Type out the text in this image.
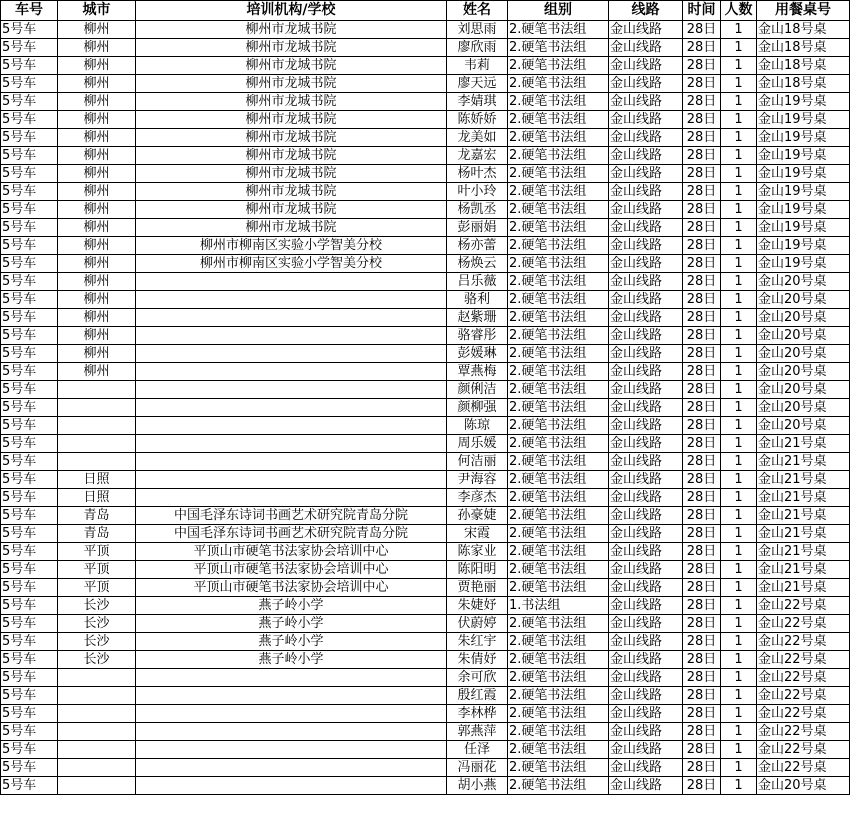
车号	城市	培训机构/学校	姓名	组别	线路	时间	人数	用餐桌号
5号车	柳州	柳州市龙城书院	刘思雨	2.硬笔书法组	金山线路	28日	1	金山18号桌
5号车	柳州	柳州市龙城书院	廖欣雨	2.硬笔书法组	金山线路	28日	1	金山18号桌
5号车	柳州	柳州市龙城书院	韦莉	2.硬笔书法组	金山线路	28日	1	金山18号桌
5号车	柳州	柳州市龙城书院	廖天远	2.硬笔书法组	金山线路	28日	1	金山18号桌
5号车	柳州	柳州市龙城书院	李婧琪	2.硬笔书法组	金山线路	28日	1	金山19号桌
5号车	柳州	柳州市龙城书院	陈娇娇	2.硬笔书法组	金山线路	28日	1	金山19号桌
5号车	柳州	柳州市龙城书院	龙美如	2.硬笔书法组	金山线路	28日	1	金山19号桌
5号车	柳州	柳州市龙城书院	龙嘉宏	2.硬笔书法组	金山线路	28日	1	金山19号桌
5号车	柳州	柳州市龙城书院	杨叶杰	2.硬笔书法组	金山线路	28日	1	金山19号桌
5号车	柳州	柳州市龙城书院	叶小玲	2.硬笔书法组	金山线路	28日	1	金山19号桌
5号车	柳州	柳州市龙城书院	杨凯丞	2.硬笔书法组	金山线路	28日	1	金山19号桌
5号车	柳州	柳州市龙城书院	彭丽娟	2.硬笔书法组	金山线路	28日	1	金山19号桌
5号车	柳州	柳州市柳南区实验小学智美分校	杨亦蕾	2.硬笔书法组	金山线路	28日	1	金山19号桌
5号车	柳州	柳州市柳南区实验小学智美分校	杨焕云	2.硬笔书法组	金山线路	28日	1	金山19号桌
5号车	柳州		吕乐薇	2.硬笔书法组	金山线路	28日	1	金山20号桌
5号车	柳州		骆利	2.硬笔书法组	金山线路	28日	1	金山20号桌
5号车	柳州		赵紫珊	2.硬笔书法组	金山线路	28日	1	金山20号桌
5号车	柳州		骆睿彤	2.硬笔书法组	金山线路	28日	1	金山20号桌
5号车	柳州		彭媛琳	2.硬笔书法组	金山线路	28日	1	金山20号桌
5号车	柳州		覃燕梅	2.硬笔书法组	金山线路	28日	1	金山20号桌
5号车			颜俐洁	2.硬笔书法组	金山线路	28日	1	金山20号桌
5号车			颜柳强	2.硬笔书法组	金山线路	28日	1	金山20号桌
5号车			陈琼	2.硬笔书法组	金山线路	28日	1	金山20号桌
5号车			周乐媛	2.硬笔书法组	金山线路	28日	1	金山21号桌
5号车			何洁丽	2.硬笔书法组	金山线路	28日	1	金山21号桌
5号车	日照		尹海容	2.硬笔书法组	金山线路	28日	1	金山21号桌
5号车	日照		李彦杰	2.硬笔书法组	金山线路	28日	1	金山21号桌
5号车	青岛	中国毛泽东诗词书画艺术研究院青岛分院	孙豪婕	2.硬笔书法组	金山线路	28日	1	金山21号桌
5号车	青岛	中国毛泽东诗词书画艺术研究院青岛分院	宋霞	2.硬笔书法组	金山线路	28日	1	金山21号桌
5号车	平顶	平顶山市硬笔书法家协会培训中心	陈家业	2.硬笔书法组	金山线路	28日	1	金山21号桌
5号车	平顶	平顶山市硬笔书法家协会培训中心	陈阳明	2.硬笔书法组	金山线路	28日	1	金山21号桌
5号车	平顶	平顶山市硬笔书法家协会培训中心	贾艳丽	2.硬笔书法组	金山线路	28日	1	金山21号桌
5号车	长沙	燕子岭小学	朱婕妤	1.书法组	金山线路	28日	1	金山22号桌
5号车	长沙	燕子岭小学	伏蔚婷	2.硬笔书法组	金山线路	28日	1	金山22号桌
5号车	长沙	燕子岭小学	朱红宇	2.硬笔书法组	金山线路	28日	1	金山22号桌
5号车	长沙	燕子岭小学	朱倩妤	2.硬笔书法组	金山线路	28日	1	金山22号桌
5号车			余可欣	2.硬笔书法组	金山线路	28日	1	金山22号桌
5号车			殷红霞	2.硬笔书法组	金山线路	28日	1	金山22号桌
5号车			李林桦	2.硬笔书法组	金山线路	28日	1	金山22号桌
5号车			郭燕萍	2.硬笔书法组	金山线路	28日	1	金山22号桌
5号车			任泽	2.硬笔书法组	金山线路	28日	1	金山22号桌
5号车			冯丽花	2.硬笔书法组	金山线路	28日	1	金山22号桌
5号车			胡小燕	2.硬笔书法组	金山线路	28日	1	金山20号桌
